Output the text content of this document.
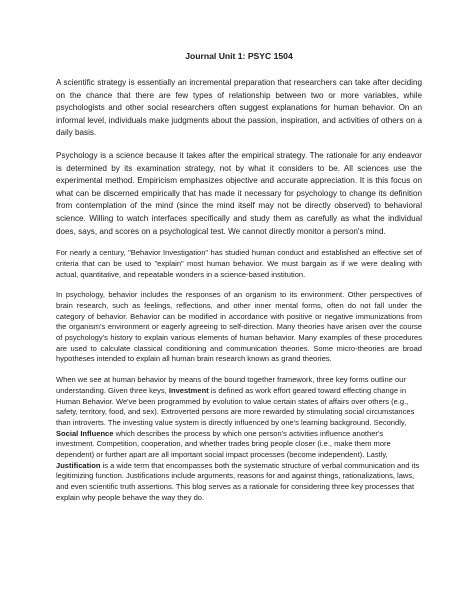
Journal Unit 1: PSYC 1504

A scientific strategy is essentially an incremental preparation that researchers can take after deciding on the chance that there are few types of relationship between two or more variables, while psychologists and other social researchers often suggest explanations for human behavior. On an informal level, individuals make judgments about the passion, inspiration, and activities of others on a daily basis.

Psychology is a science because it takes after the empirical strategy. The rationale for any endeavor is determined by its examination strategy, not by what it considers to be. All sciences use the experimental method. Empiricism emphasizes objective and accurate appreciation. It is this focus on what can be discerned empirically that has made it necessary for psychology to change its definition from contemplation of the mind (since the mind itself may not be directly observed) to behavioral science. Willing to watch interfaces specifically and study them as carefully as what the individual does, says, and scores on a psychological test. We cannot directly monitor a person's mind.

For nearly a century, "Behavior Investigation" has studied human conduct and established an effective set of criteria that can be used to "explain" most human behavior. We must bargain as if we were dealing with actual, quantitative, and repeatable wonders in a science-based institution.

In psychology, behavior includes the responses of an organism to its environment. Other perspectives of brain research, such as feelings, reflections, and other inner mental forms, often do not fall under the category of behavior. Behavior can be modified in accordance with positive or negative immunizations from the organism's environment or eagerly agreeing to self-direction. Many theories have arisen over the course of psychology's history to explain various elements of human behavior. Many examples of these procedures are used to calculate classical conditioning and communication theories. Some micro-theories are broad hypotheses intended to explain all human brain research known as grand theories.

When we see at human behavior by means of the bound together framework, three key forms outline our understanding. Given three keys, Investment is defined as work effort geared toward effecting change in Human Behavior. We've been programmed by evolution to value certain states of affairs over others (e.g., safety, territory, food, and sex). Extroverted persons are more rewarded by stimulating social circumstances than introverts. The investing value system is directly influenced by one's learning background. Secondly, Social Influence which describes the process by which one person's activities influence another's investment. Competition, cooperation, and whether trades bring people closer (i.e., make them more dependent) or further apart are all important social impact processes (become independent). Lastly, Justification is a wide term that encompasses both the systematic structure of verbal communication and its legitimizing function. Justifications include arguments, reasons for and against things, rationalizations, laws, and even scientific truth assertions. This blog serves as a rationale for considering three key processes that explain why people behave the way they do.
